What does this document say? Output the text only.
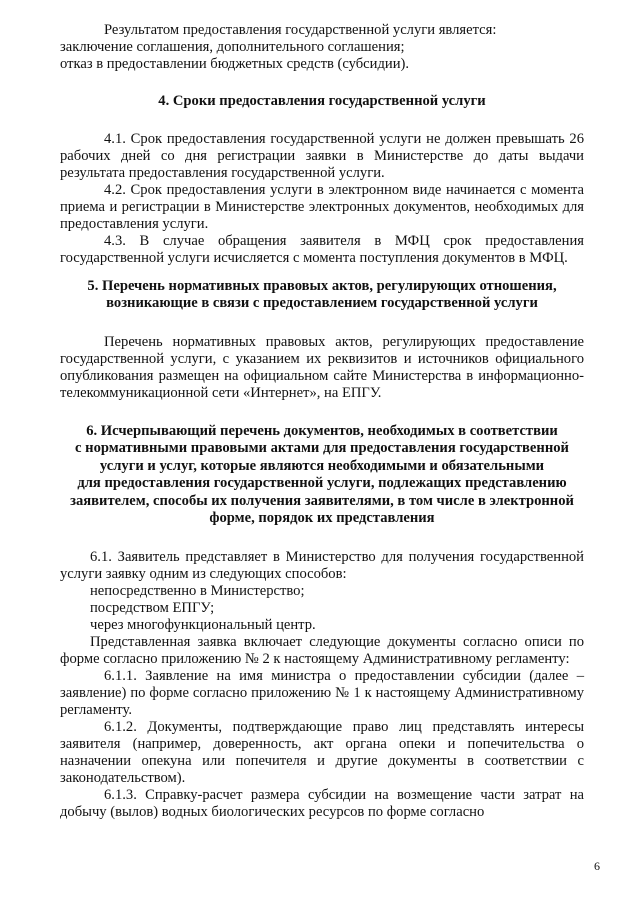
Результатом предоставления государственной услуги является:

заключение соглашения, дополнительного соглашения;

отказ в предоставлении бюджетных средств (субсидии).

4. Сроки предоставления государственной услуги

4.1. Срок предоставления государственной услуги не должен превышать 26 рабочих дней со дня регистрации заявки в Министерстве до даты выдачи результата предоставления государственной услуги.

4.2. Срок предоставления услуги в электронном виде начинается с момента приема и регистрации в Министерстве электронных документов, необходимых для предоставления услуги.

4.3. В случае обращения заявителя в МФЦ срок предоставления государственной услуги исчисляется с момента поступления документов в МФЦ.

5. Перечень нормативных правовых актов, регулирующих отношения,
возникающие в связи с предоставлением государственной услуги

Перечень нормативных правовых актов, регулирующих предоставление государственной услуги, с указанием их реквизитов и источников официального опубликования размещен на официальном сайте Министерства в информационно-телекоммуникационной сети «Интернет», на ЕПГУ.

6. Исчерпывающий перечень документов, необходимых в соответствии
с нормативными правовыми актами для предоставления государственной
услуги и услуг, которые являются необходимыми и обязательными
для предоставления государственной услуги, подлежащих представлению
заявителем, способы их получения заявителями, в том числе в электронной
форме, порядок их представления

6.1. Заявитель представляет в Министерство для получения государственной услуги заявку одним из следующих способов:

непосредственно в Министерство;

посредством ЕПГУ;

через многофункциональный центр.

Представленная заявка включает следующие документы согласно описи по форме согласно приложению № 2 к настоящему Административному регламенту:

6.1.1. Заявление на имя министра о предоставлении субсидии (далее – заявление) по форме согласно приложению № 1 к настоящему Административному регламенту.

6.1.2. Документы, подтверждающие право лиц представлять интересы заявителя (например, доверенность, акт органа опеки и попечительства о назначении опекуна или попечителя и другие документы в соответствии с законодательством).

6.1.3. Справку-расчет размера субсидии на возмещение части затрат на добычу (вылов) водных биологических ресурсов по форме согласно

6
